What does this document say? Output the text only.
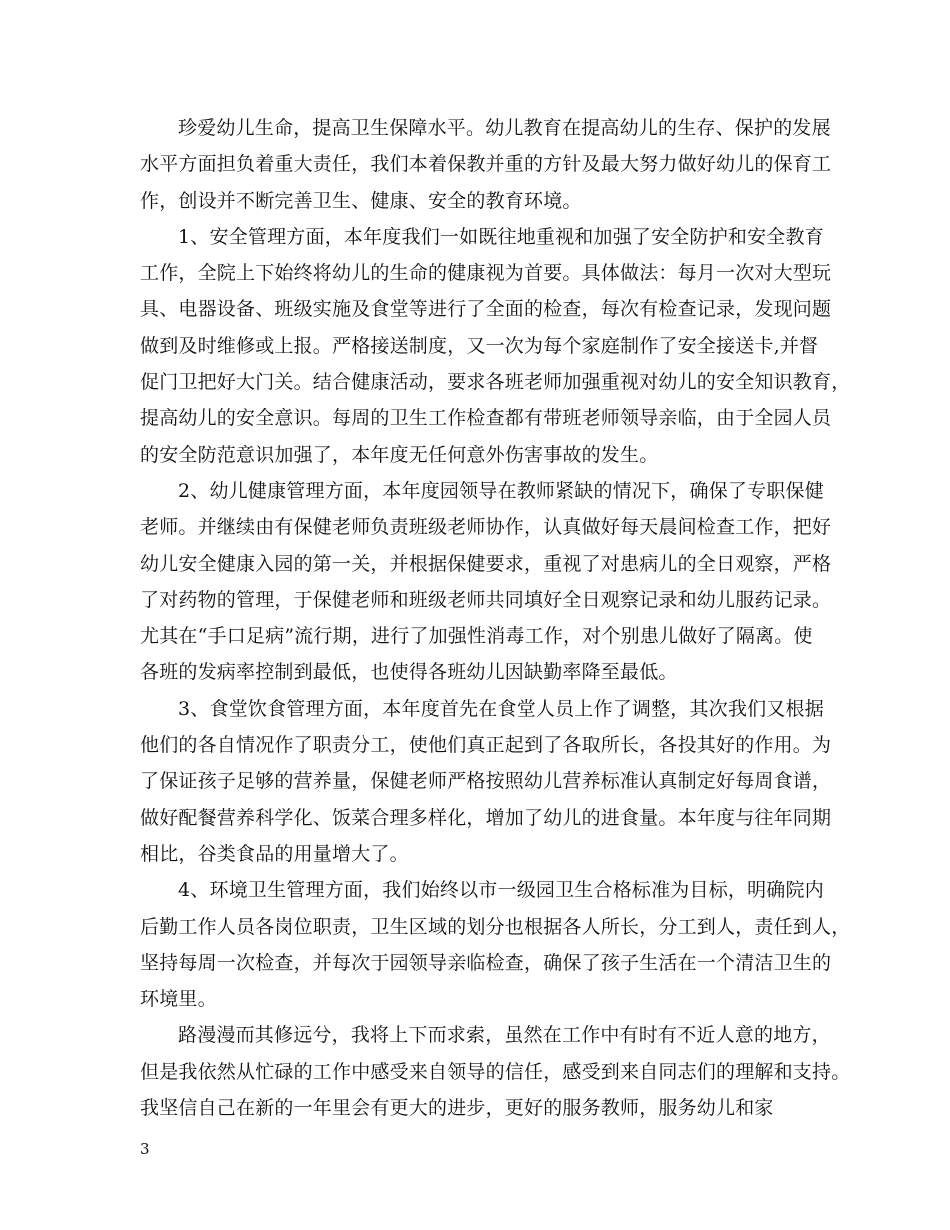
珍爱幼儿生命，提高卫生保障水平。幼儿教育在提高幼儿的生存、保护的发展
水平方面担负着重大责任，我们本着保教并重的方针及最大努力做好幼儿的保育工
作，创设并不断完善卫生、健康、安全的教育环境。
1、安全管理方面，本年度我们一如既往地重视和加强了安全防护和安全教育
工作，全院上下始终将幼儿的生命的健康视为首要。具体做法：每月一次对大型玩
具、电器设备、班级实施及食堂等进行了全面的检查，每次有检查记录，发现问题
做到及时维修或上报。严格接送制度，又一次为每个家庭制作了安全接送卡,并督
促门卫把好大门关。结合健康活动，要求各班老师加强重视对幼儿的安全知识教育，
提高幼儿的安全意识。每周的卫生工作检查都有带班老师领导亲临，由于全园人员
的安全防范意识加强了，本年度无任何意外伤害事故的发生。
2、幼儿健康管理方面，本年度园领导在教师紧缺的情况下，确保了专职保健
老师。并继续由有保健老师负责班级老师协作，认真做好每天晨间检查工作，把好
幼儿安全健康入园的第一关，并根据保健要求，重视了对患病儿的全日观察，严格
了对药物的管理，于保健老师和班级老师共同填好全日观察记录和幼儿服药记录。
尤其在“手口足病”流行期，进行了加强性消毒工作，对个别患儿做好了隔离。使
各班的发病率控制到最低，也使得各班幼儿因缺勤率降至最低。
3、食堂饮食管理方面，本年度首先在食堂人员上作了调整，其次我们又根据
他们的各自情况作了职责分工，使他们真正起到了各取所长，各投其好的作用。为
了保证孩子足够的营养量，保健老师严格按照幼儿营养标准认真制定好每周食谱，
做好配餐营养科学化、饭菜合理多样化，增加了幼儿的进食量。本年度与往年同期
相比，谷类食品的用量增大了。
4、环境卫生管理方面，我们始终以市一级园卫生合格标准为目标，明确院内
后勤工作人员各岗位职责，卫生区域的划分也根据各人所长，分工到人，责任到人，
坚持每周一次检查，并每次于园领导亲临检查，确保了孩子生活在一个清洁卫生的
环境里。
路漫漫而其修远兮，我将上下而求索，虽然在工作中有时有不近人意的地方，
但是我依然从忙碌的工作中感受来自领导的信任，感受到来自同志们的理解和支持。
我坚信自己在新的一年里会有更大的进步，更好的服务教师，服务幼儿和家
3
